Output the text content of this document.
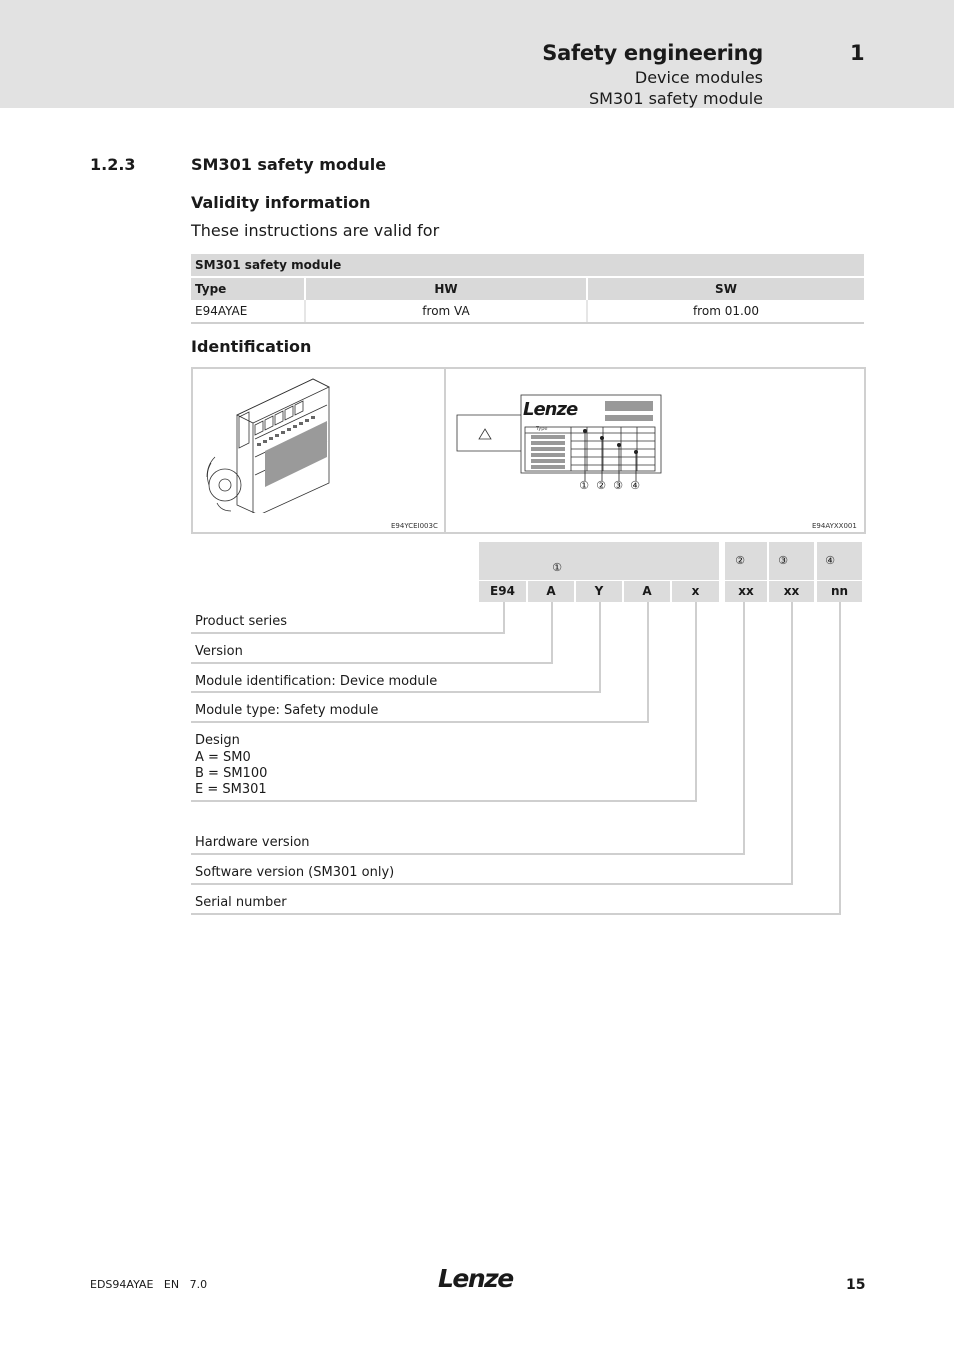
Safety engineering	1
Device modules
SM301 safety module
1.2.3	SM301 safety module
Validity information
These instructions are valid for
SM301 safety module		
Type	HW	SW
E94AYAE	from VA	from 01.00
Identification
E94YCEI003C
Lenze
Type
① ② ③ ④
E94AYXX001
①
②	③	④
E94	A	Y	A	x	xx	xx	nn
Product series
Version
Module identification: Device module
Module type: Safety module
Design
A = SM0
B = SM100
E = SM301
Hardware version
Software version (SM301 only)
Serial number
EDS94AYAE   EN   7.0	Lenze	15
